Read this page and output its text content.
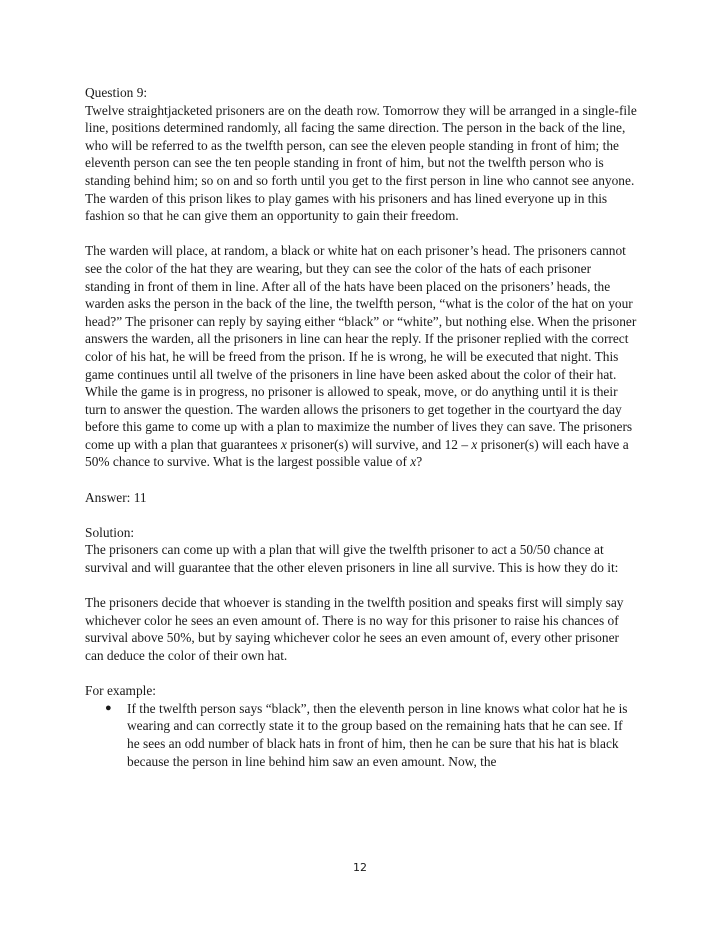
Question 9:

Twelve straightjacketed prisoners are on the death row. Tomorrow they will be arranged in a single-file line, positions determined randomly, all facing the same direction. The person in the back of the line, who will be referred to as the twelfth person, can see the eleven people standing in front of him; the eleventh person can see the ten people standing in front of him, but not the twelfth person who is standing behind him; so on and so forth until you get to the first person in line who cannot see anyone. The warden of this prison likes to play games with his prisoners and has lined everyone up in this fashion so that he can give them an opportunity to gain their freedom.

The warden will place, at random, a black or white hat on each prisoner’s head. The prisoners cannot see the color of the hat they are wearing, but they can see the color of the hats of each prisoner standing in front of them in line. After all of the hats have been placed on the prisoners’ heads, the warden asks the person in the back of the line, the twelfth person, “what is the color of the hat on your head?” The prisoner can reply by saying either “black” or “white”, but nothing else. When the prisoner answers the warden, all the prisoners in line can hear the reply. If the prisoner replied with the correct color of his hat, he will be freed from the prison. If he is wrong, he will be executed that night. This game continues until all twelve of the prisoners in line have been asked about the color of their hat. While the game is in progress, no prisoner is allowed to speak, move, or do anything until it is their turn to answer the question. The warden allows the prisoners to get together in the courtyard the day before this game to come up with a plan to maximize the number of lives they can save. The prisoners come up with a plan that guarantees x prisoner(s) will survive, and 12 – x prisoner(s) will each have a 50% chance to survive. What is the largest possible value of x?

Answer: 11

Solution:

The prisoners can come up with a plan that will give the twelfth prisoner to act a 50/50 chance at survival and will guarantee that the other eleven prisoners in line all survive. This is how they do it:

The prisoners decide that whoever is standing in the twelfth position and speaks first will simply say whichever color he sees an even amount of. There is no way for this prisoner to raise his chances of survival above 50%, but by saying whichever color he sees an even amount of, every other prisoner can deduce the color of their own hat.

For example:

● If the twelfth person says “black”, then the eleventh person in line knows what color hat he is wearing and can correctly state it to the group based on the remaining hats that he can see. If he sees an odd number of black hats in front of him, then he can be sure that his hat is black because the person in line behind him saw an even amount. Now, the
12
